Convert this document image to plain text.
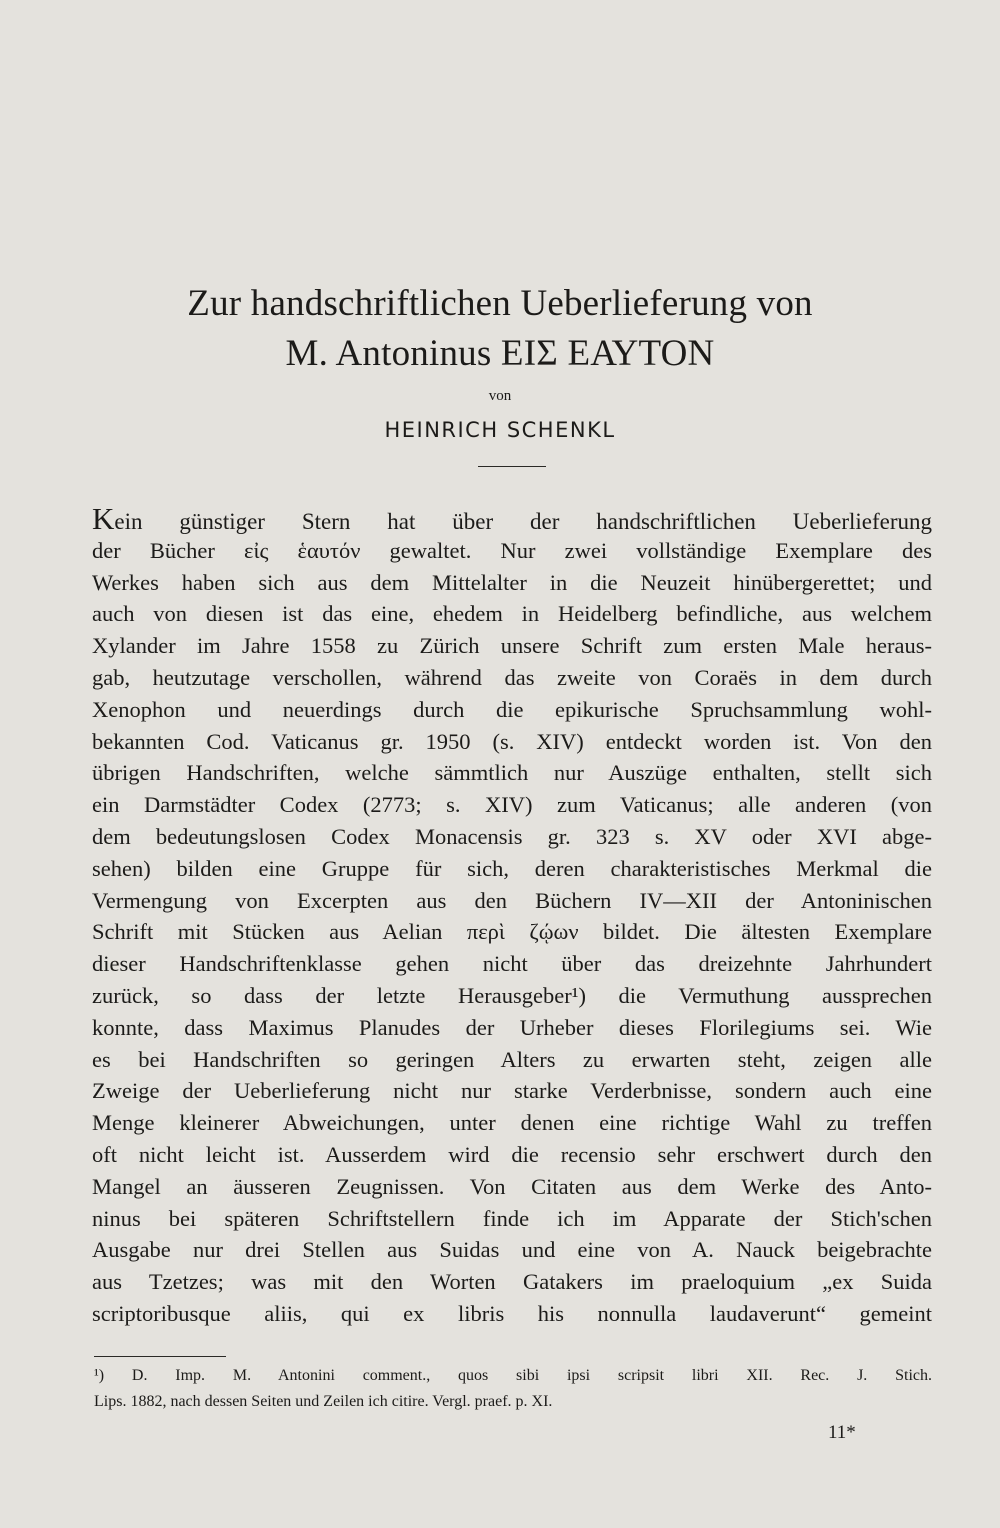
Zur handschriftlichen Ueberlieferung von
M. Antoninus ΕΙΣ ΕΑΥΤΟΝ
von
HEINRICH SCHENKL
Kein günstiger Stern hat über der handschriftlichen Ueberlieferung
der Bücher εἰς ἑαυτόν gewaltet. Nur zwei vollständige Exemplare des
Werkes haben sich aus dem Mittelalter in die Neuzeit hinübergerettet; und
auch von diesen ist das eine, ehedem in Heidelberg befindliche, aus welchem
Xylander im Jahre 1558 zu Zürich unsere Schrift zum ersten Male heraus-
gab, heutzutage verschollen, während das zweite von Coraës in dem durch
Xenophon und neuerdings durch die epikurische Spruchsammlung wohl-
bekannten Cod. Vaticanus gr. 1950 (s. XIV) entdeckt worden ist. Von den
übrigen Handschriften, welche sämmtlich nur Auszüge enthalten, stellt sich
ein Darmstädter Codex (2773; s. XIV) zum Vaticanus; alle anderen (von
dem bedeutungslosen Codex Monacensis gr. 323 s. XV oder XVI abge-
sehen) bilden eine Gruppe für sich, deren charakteristisches Merkmal die
Vermengung von Excerpten aus den Büchern IV—XII der Antoninischen
Schrift mit Stücken aus Aelian περὶ ζῴων bildet. Die ältesten Exemplare
dieser Handschriftenklasse gehen nicht über das dreizehnte Jahrhundert
zurück, so dass der letzte Herausgeber¹) die Vermuthung aussprechen
konnte, dass Maximus Planudes der Urheber dieses Florilegiums sei. Wie
es bei Handschriften so geringen Alters zu erwarten steht, zeigen alle
Zweige der Ueberlieferung nicht nur starke Verderbnisse, sondern auch eine
Menge kleinerer Abweichungen, unter denen eine richtige Wahl zu treffen
oft nicht leicht ist. Ausserdem wird die recensio sehr erschwert durch den
Mangel an äusseren Zeugnissen. Von Citaten aus dem Werke des Anto-
ninus bei späteren Schriftstellern finde ich im Apparate der Stich'schen
Ausgabe nur drei Stellen aus Suidas und eine von A. Nauck beigebrachte
aus Tzetzes; was mit den Worten Gatakers im praeloquium „ex Suida
scriptoribusque aliis, qui ex libris his nonnulla laudaverunt“ gemeint
¹) D. Imp. M. Antonini comment., quos sibi ipsi scripsit libri XII. Rec. J. Stich.
Lips. 1882, nach dessen Seiten und Zeilen ich citire. Vergl. praef. p. XI.
11*
